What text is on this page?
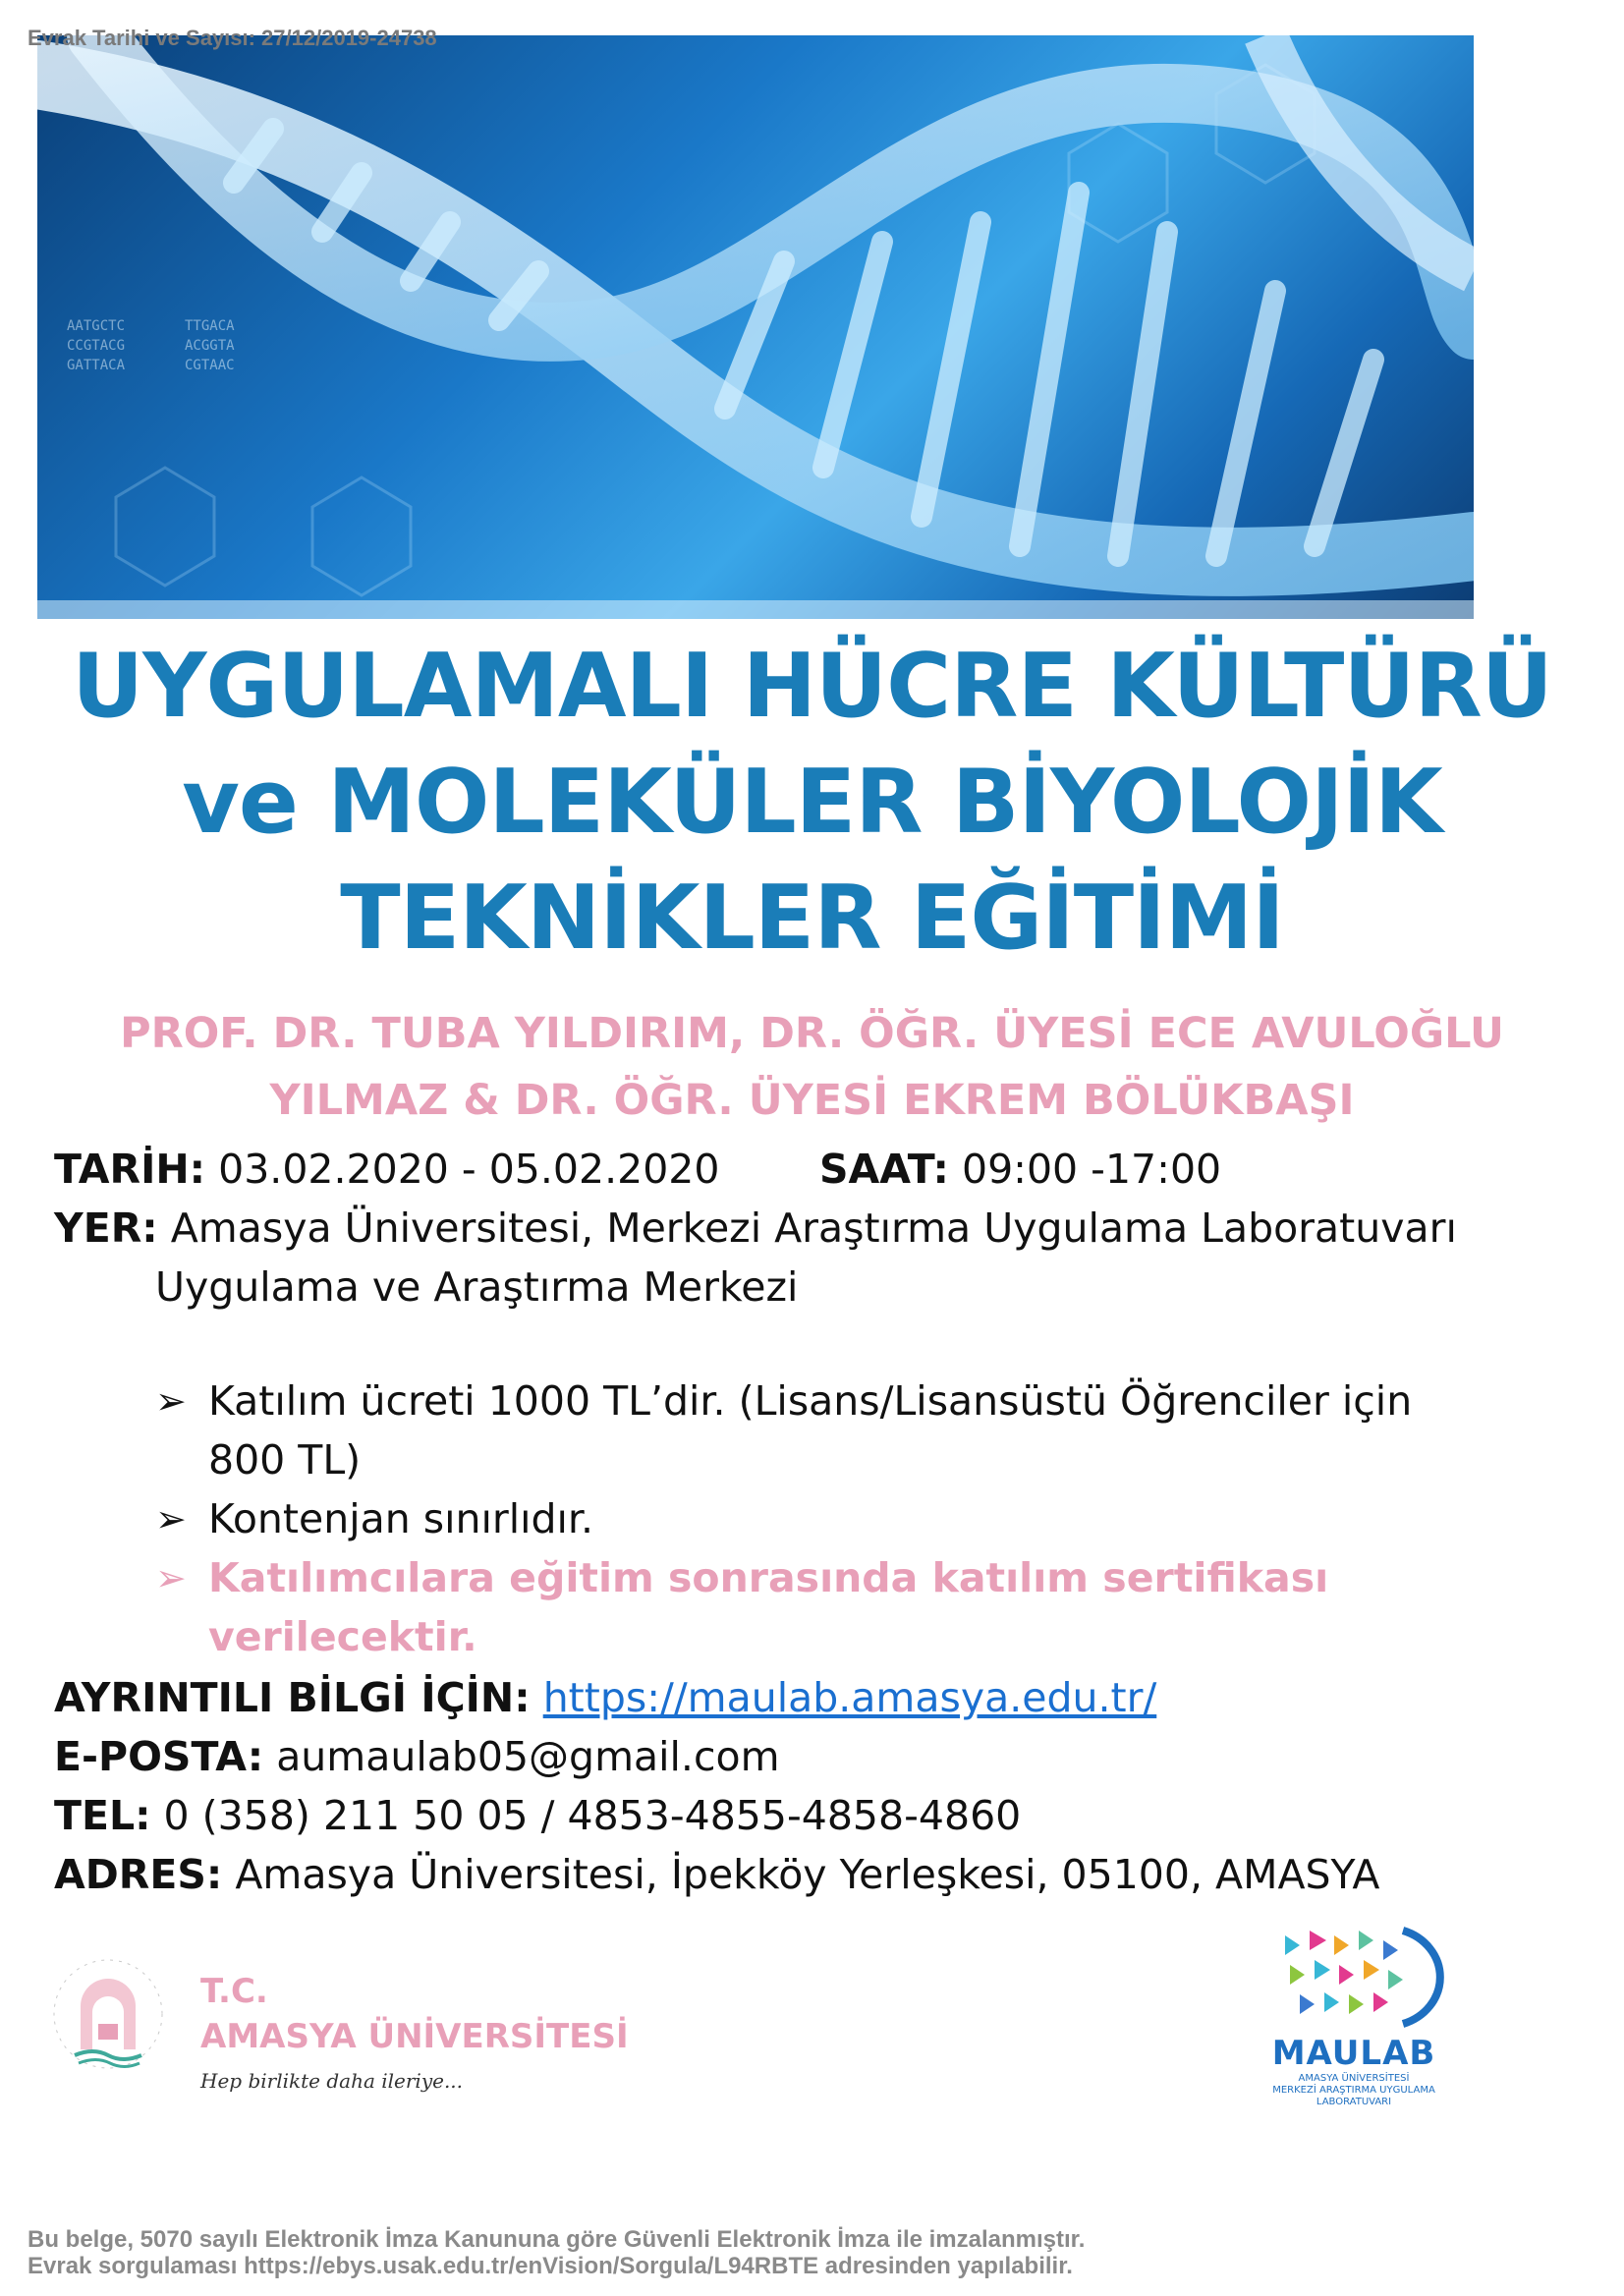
Evrak Tarihi ve Sayısı: 27/12/2019-24738
AATGCTC
CCGTACG
GATTACA
TTGACA
ACGGTA
CGTAAC
UYGULAMALI HÜCRE KÜLTÜRÜ
ve MOLEKÜLER BİYOLOJİK
TEKNİKLER EĞİTİMİ
PROF. DR. TUBA YILDIRIM, DR. ÖĞR. ÜYESİ ECE AVULOĞLU
YILMAZ & DR. ÖĞR. ÜYESİ EKREM BÖLÜKBAŞI
TARİH: 03.02.2020 - 05.02.2020 SAAT: 09:00 -17:00
YER: Amasya Üniversitesi, Merkezi Araştırma Uygulama Laboratuvarı
Uygulama ve Araştırma Merkezi
➢ Katılım ücreti 1000 TL’dir. (Lisans/Lisansüstü Öğrenciler için
800 TL)
➢ Kontenjan sınırlıdır.
➢ Katılımcılara eğitim sonrasında katılım sertifikası
verilecektir.
AYRINTILI BİLGİ İÇİN: https://maulab.amasya.edu.tr/
E-POSTA: aumaulab05@gmail.com
TEL: 0 (358) 211 50 05 / 4853-4855-4858-4860
ADRES: Amasya Üniversitesi, İpekköy Yerleşkesi, 05100, AMASYA
T.C.
AMASYA ÜNİVERSİTESİ
Hep birlikte daha ileriye...
MAULAB
AMASYA ÜNİVERSİTESİ
MERKEZİ ARAŞTIRMA UYGULAMA
LABORATUVARI
Bu belge, 5070 sayılı Elektronik İmza Kanununa göre Güvenli Elektronik İmza ile imzalanmıştır.
Evrak sorgulaması https://ebys.usak.edu.tr/enVision/Sorgula/L94RBTE adresinden yapılabilir.
